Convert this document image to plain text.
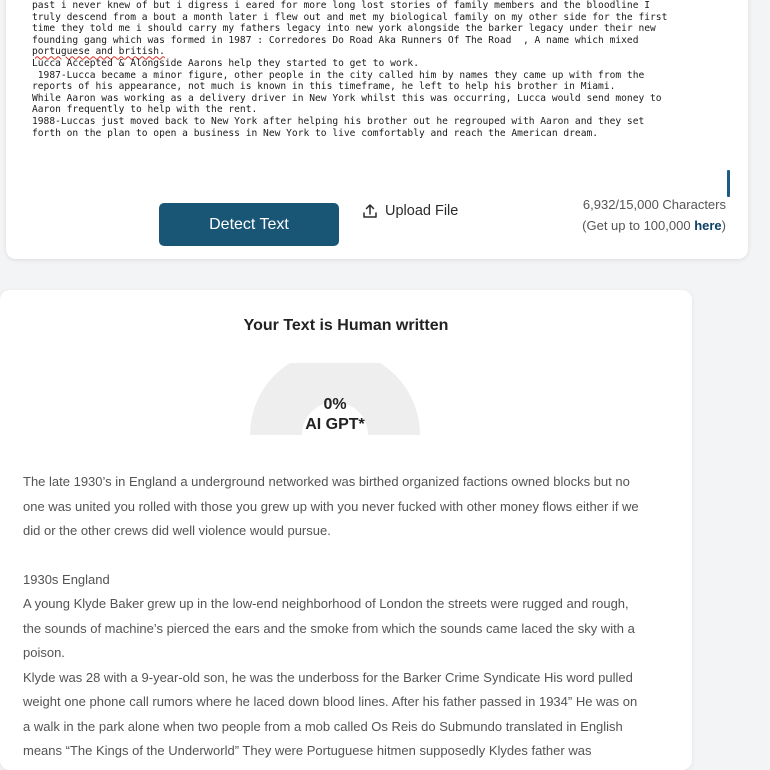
past i never knew of but i digress i eared for more long lost stories of family members and the bloodline I
truly descend from a bout a month later i flew out and met my biological family on my other side for the first
time they told me i should carry my fathers legacy into new york alongside the barker legacy under their new
founding gang which was formed in 1987 : Corredores Do Road Aka Runners Of The Road  , A name which mixed
portuguese and british.
Lucca Accepted & Alongside Aarons help they started to get to work.
1987-Lucca became a minor figure, other people in the city called him by names they came up with from the
reports of his appearance, not much is known in this timeframe, he left to help his brother in Miami.
While Aaron was working as a delivery driver in New York whilst this was occurring, Lucca would send money to
Aaron frequently to help with the rent.
1988-Luccas just moved back to New York after helping his brother out he regrouped with Aaron and they set
forth on the plan to open a business in New York to live comfortably and reach the American dream.
Detect Text
Upload File	6,932/15,000 Characters
(Get up to 100,000 here)
Your Text is Human written
0%
AI GPT*

The late 1930’s in England a underground networked was birthed organized factions owned blocks but no one was united you rolled with those you grew up with you never fucked with other money flows either if we did or the other crews did well violence would pursue.

1930s England

A young Klyde Baker grew up in the low-end neighborhood of London the streets were rugged and rough, the sounds of machine’s pierced the ears and the smoke from which the sounds came laced the sky with a poison.

Klyde was 28 with a 9-year-old son, he was the underboss for the Barker Crime Syndicate His word pulled weight one phone call rumors where he laced down blood lines. After his father passed in 1934” He was on a walk in the park alone when two people from a mob called Os Reis do Submundo translated in English means “The Kings of the Underworld” They were Portuguese hitmen supposedly Klydes father was
